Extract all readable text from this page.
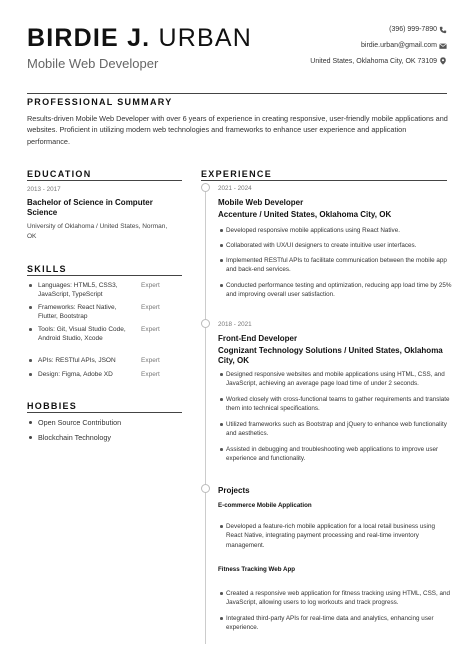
BIRDIE J. URBAN
Mobile Web Developer
(396) 999-7890
birdie.urban@gmail.com
United States, Oklahoma City, OK 73109
PROFESSIONAL SUMMARY
Results-driven Mobile Web Developer with over 6 years of experience in creating responsive, user-friendly mobile applications and websites. Proficient in utilizing modern web technologies and frameworks to enhance user experience and application performance.
EDUCATION
2013 - 2017
Bachelor of Science in Computer Science
University of Oklahoma / United States, Norman, OK
SKILLS
Languages: HTML5, CSS3, JavaScript, TypeScript
Expert
Frameworks: React Native, Flutter, Bootstrap
Expert
Tools: Git, Visual Studio Code, Android Studio, Xcode
Expert
APIs: RESTful APIs, JSON	Expert
Design: Figma, Adobe XD	Expert
HOBBIES
Open Source Contribution
Blockchain Technology
EXPERIENCE
2021 - 2024
Mobile Web Developer
Accenture / United States, Oklahoma City, OK
Developed responsive mobile applications using React Native.
Collaborated with UX/UI designers to create intuitive user interfaces.
Implemented RESTful APIs to facilitate communication between the mobile app and back-end services.
Conducted performance testing and optimization, reducing app load time by 25% and improving overall user satisfaction.
2018 - 2021
Front-End Developer
Cognizant Technology Solutions / United States, Oklahoma City, OK
Designed responsive websites and mobile applications using HTML, CSS, and JavaScript, achieving an average page load time of under 2 seconds.
Worked closely with cross-functional teams to gather requirements and translate them into technical specifications.
Utilized frameworks such as Bootstrap and jQuery to enhance web functionality and aesthetics.
Assisted in debugging and troubleshooting web applications to improve user experience and functionality.
Projects
E-commerce Mobile Application
Developed a feature-rich mobile application for a local retail business using React Native, integrating payment processing and real-time inventory management.
Fitness Tracking Web App
Created a responsive web application for fitness tracking using HTML, CSS, and JavaScript, allowing users to log workouts and track progress.
Integrated third-party APIs for real-time data and analytics, enhancing user experience.
